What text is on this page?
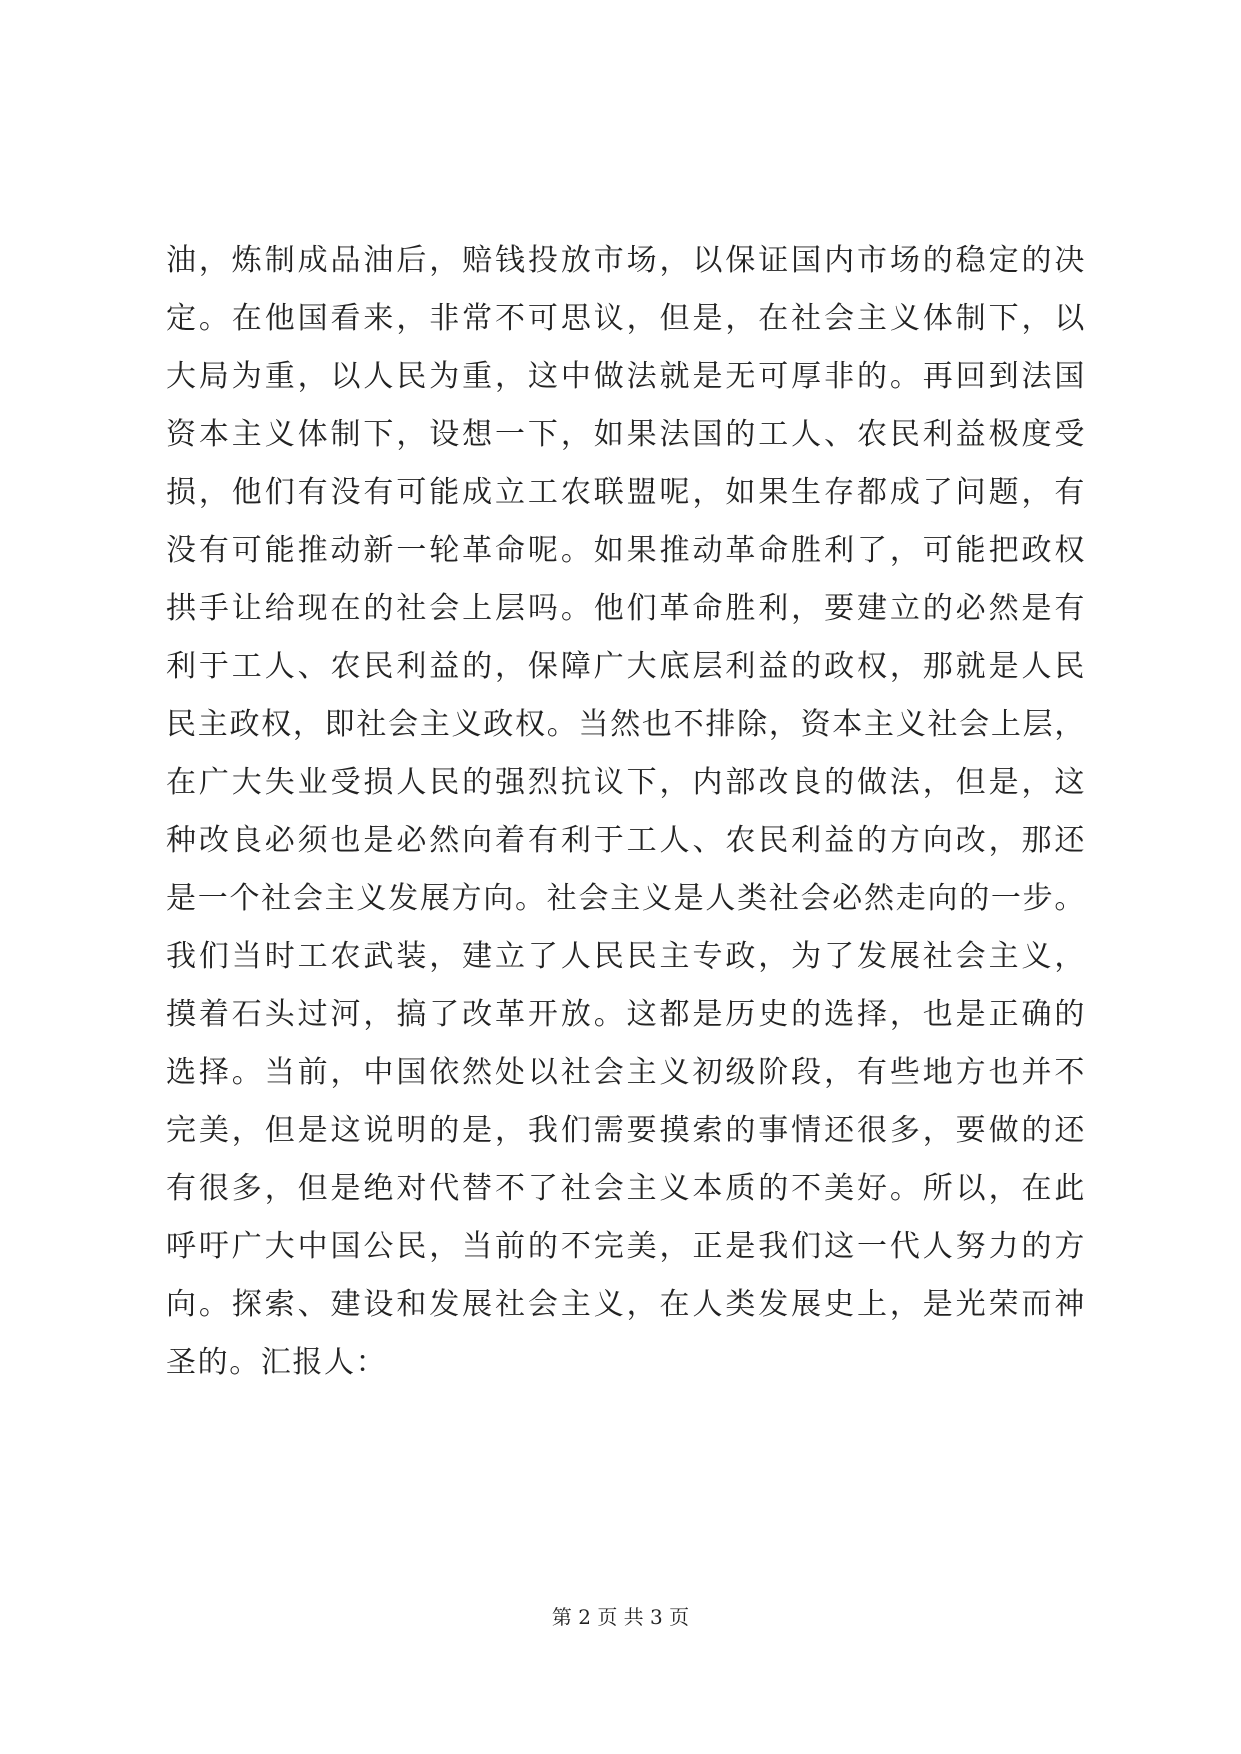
油，炼制成品油后，赔钱投放市场，以保证国内市场的稳定的决
定。在他国看来，非常不可思议，但是，在社会主义体制下，以
大局为重，以人民为重，这中做法就是无可厚非的。再回到法国
资本主义体制下，设想一下，如果法国的工人、农民利益极度受
损，他们有没有可能成立工农联盟呢，如果生存都成了问题，有
没有可能推动新一轮革命呢。如果推动革命胜利了，可能把政权
拱手让给现在的社会上层吗。他们革命胜利，要建立的必然是有
利于工人、农民利益的，保障广大底层利益的政权，那就是人民
民主政权，即社会主义政权。当然也不排除，资本主义社会上层，
在广大失业受损人民的强烈抗议下，内部改良的做法，但是，这
种改良必须也是必然向着有利于工人、农民利益的方向改，那还
是一个社会主义发展方向。社会主义是人类社会必然走向的一步。
我们当时工农武装，建立了人民民主专政，为了发展社会主义，
摸着石头过河，搞了改革开放。这都是历史的选择，也是正确的
选择。当前，中国依然处以社会主义初级阶段，有些地方也并不
完美，但是这说明的是，我们需要摸索的事情还很多，要做的还
有很多，但是绝对代替不了社会主义本质的不美好。所以，在此
呼吁广大中国公民，当前的不完美，正是我们这一代人努力的方
向。探索、建设和发展社会主义，在人类发展史上，是光荣而神
圣的。汇报人：
第 2 页 共 3 页
